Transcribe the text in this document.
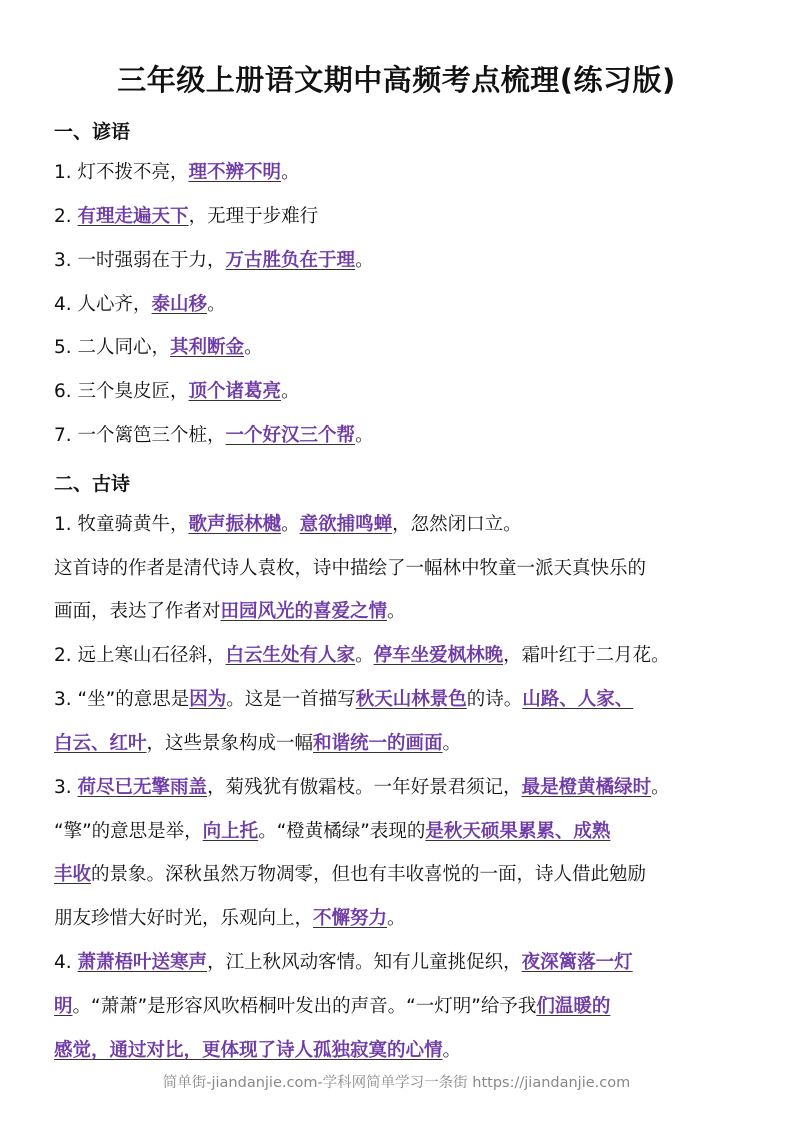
三年级上册语文期中高频考点梳理(练习版)
一、谚语
1. 灯不拨不亮，理不辨不明。
2. 有理走遍天下，无理于步难行
3. 一时强弱在于力，万古胜负在于理。
4. 人心齐，泰山移。
5. 二人同心，其利断金。
6. 三个臭皮匠，顶个诸葛亮。
7. 一个篱笆三个桩，一个好汉三个帮。
二、古诗
1. 牧童骑黄牛，歌声振林樾。意欲捕鸣蝉，忽然闭口立。
这首诗的作者是清代诗人袁枚，诗中描绘了一幅林中牧童一派天真快乐的
画面，表达了作者对田园风光的喜爱之情。
2. 远上寒山石径斜，白云生处有人家。停车坐爱枫林晚，霜叶红于二月花。
3. “坐”的意思是因为。这是一首描写秋天山林景色的诗。山路、人家、
白云、红叶，这些景象构成一幅和谐统一的画面。
3. 荷尽已无擎雨盖，菊残犹有傲霜枝。一年好景君须记，最是橙黄橘绿时。
“擎”的意思是举，向上托。“橙黄橘绿”表现的是秋天硕果累累、成熟
丰收的景象。深秋虽然万物凋零，但也有丰收喜悦的一面，诗人借此勉励
朋友珍惜大好时光，乐观向上，不懈努力。
4. 萧萧梧叶送寒声，江上秋风动客情。知有儿童挑促织，夜深篱落一灯
明。“萧萧”是形容风吹梧桐叶发出的声音。“一灯明”给予我们温暖的
感觉，通过对比，更体现了诗人孤独寂寞的心情。
简单街-jiandanjie.com-学科网简单学习一条街 https://jiandanjie.com
